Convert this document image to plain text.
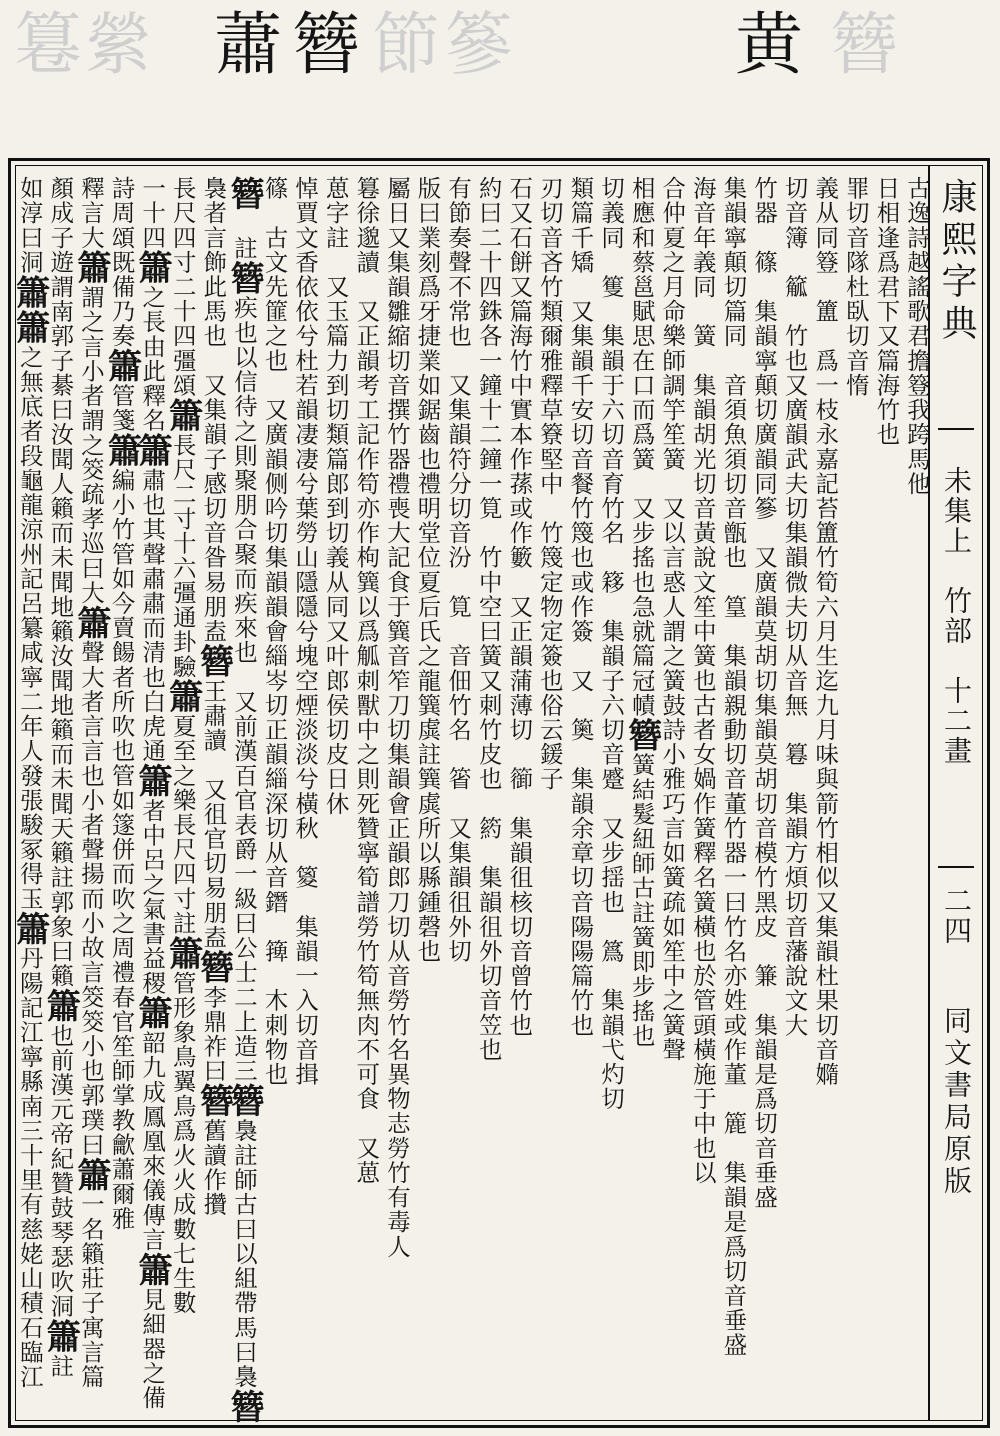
篹 縈 蕭 簪 節 篸	黄 簪
古逸詩越謠歌君擔簦我跨馬他
日相逢爲君下又篇海竹也
罪切音隊杜臥切音惰
義从同簦　簠　爲一枝永嘉記苔簠竹筍六月生迄九月味與箭竹相似又集韻杜果切音嫷
切音簿　䉉　竹也又廣韻武夫切集韻微夫切从音無　篹　集韻方煩切音藩說文大
竹器　篠　集韻寧顛切廣韻同篸　又廣韻莫胡切集韻莫胡切音模竹黑皮　䈴　集韻是爲切音垂盛
集韻寧顛切篇同　音須魚須切音甑也　篁　集韻親動切音董竹器一曰竹名亦姓或作董　簏　集韻是爲切音垂盛
海音年義同　簧　集韻胡光切音黃說文笙中簧也古者女媧作簧釋名簧橫也於管頭橫施于中也以
合仲夏之月命樂師調竽笙簧　又以言惑人謂之簧鼓詩小雅巧言如簧疏如笙中之簧聲
相應和蔡邕賦思在口而爲簧　又步搖也急就篇冠幘簪簧結髮紐師古註簧即步搖也
切義同　篗　集韻于六切音育竹名　簃　集韻子六切音蹙　又步揺也　䈧　集韻弋灼切
類篇千矯　又集韻千安切音餐竹篾也或作簽　又　䉛　集韻余章切音陽陽篇竹也
刃切音吝竹類爾雅釋草簝堅中　竹篾定物定簽也俗云鍰子
石又石餅又篇海竹中實本作蓀或作籔　又正韻蒲薄切　篽　集韻徂核切音曾竹也
約曰二十四銖各一鐘十二鐘一筧　竹中空曰簧又刺竹皮也　箹　集韻徂外切音笠也
有節奏聲不常也　又集韻符分切音汾　筧　音佃竹名　箵　又集韻徂外切
版曰業刻爲牙捷業如鋸齒也禮明堂位夏后氏之龍簨虡註簨虡所以縣鍾磬也
屬日又集韻雛縮切音撰竹器禮喪大記食于簨音笮刀切集韻會正韻郎刀切从音勞竹名異物志勞竹有毒人
篹徐邈讀　又正韻考工記作笱亦作枸簨以爲觚刺獸中之則死贊寧筍譜勞竹笱無肉不可食　又葸
葸字註　又玉篇力到切類篇郎到切義从同又叶郎侯切皮日休
悼賈文香依依兮杜若韻凄凄兮葉勞山隱隱兮塊空煙淡淡兮橫秋　䈦　集韻一入切音揖
篠　古文先篚之也　又廣韻侧吟切集韻韻會緇岑切正韻緇深切从音鐕　篺　木刺物也
簪　註簪疾也以信待之則聚朋合聚而疾來也　又前漢百官表爵一級曰公士二上造三簪裊註師古曰以組帶馬曰裊簪
裊者言飾此馬也　又集韻子感切音昝易朋盍簪王肅讀　又徂官切易朋盍簪李鼎祚曰簪舊讀作攢
長尺四寸二十四彊頌簫長尺二寸十六彊通卦驗簫夏至之樂長尺四寸註簫管形象鳥翼鳥爲火火成數七生數
一十四簫之長由此釋名簫肅也其聲肅肅而清也白虎通簫者中呂之氣書益稷簫韶九成鳳凰來儀傳言簫見細器之備
詩周頌既備乃奏簫管箋簫編小竹管如今賣餳者所吹也管如篴併而吹之周禮春官笙師掌教龡蕭爾雅
釋言大簫謂之言小者謂之筊疏孝巡曰大簫聲大者言言也小者聲揚而小故言筊筊小也郭璞曰簫一名籟莊子寓言篇
顏成子遊謂南郭子綦曰汝聞人籟而未聞地籟汝聞地籟而未聞天籟註郭象曰籟簫也前漢元帝紀贊鼓琴瑟吹洞簫註
如淳曰洞簫簫之無底者段龜龍涼州記呂纂咸寧二年人發張駿冢得玉簫丹陽記江寧縣南三十里有慈姥山積石臨江
康熙字典
未集上　竹部　十二畫
二四
同文書局原版
